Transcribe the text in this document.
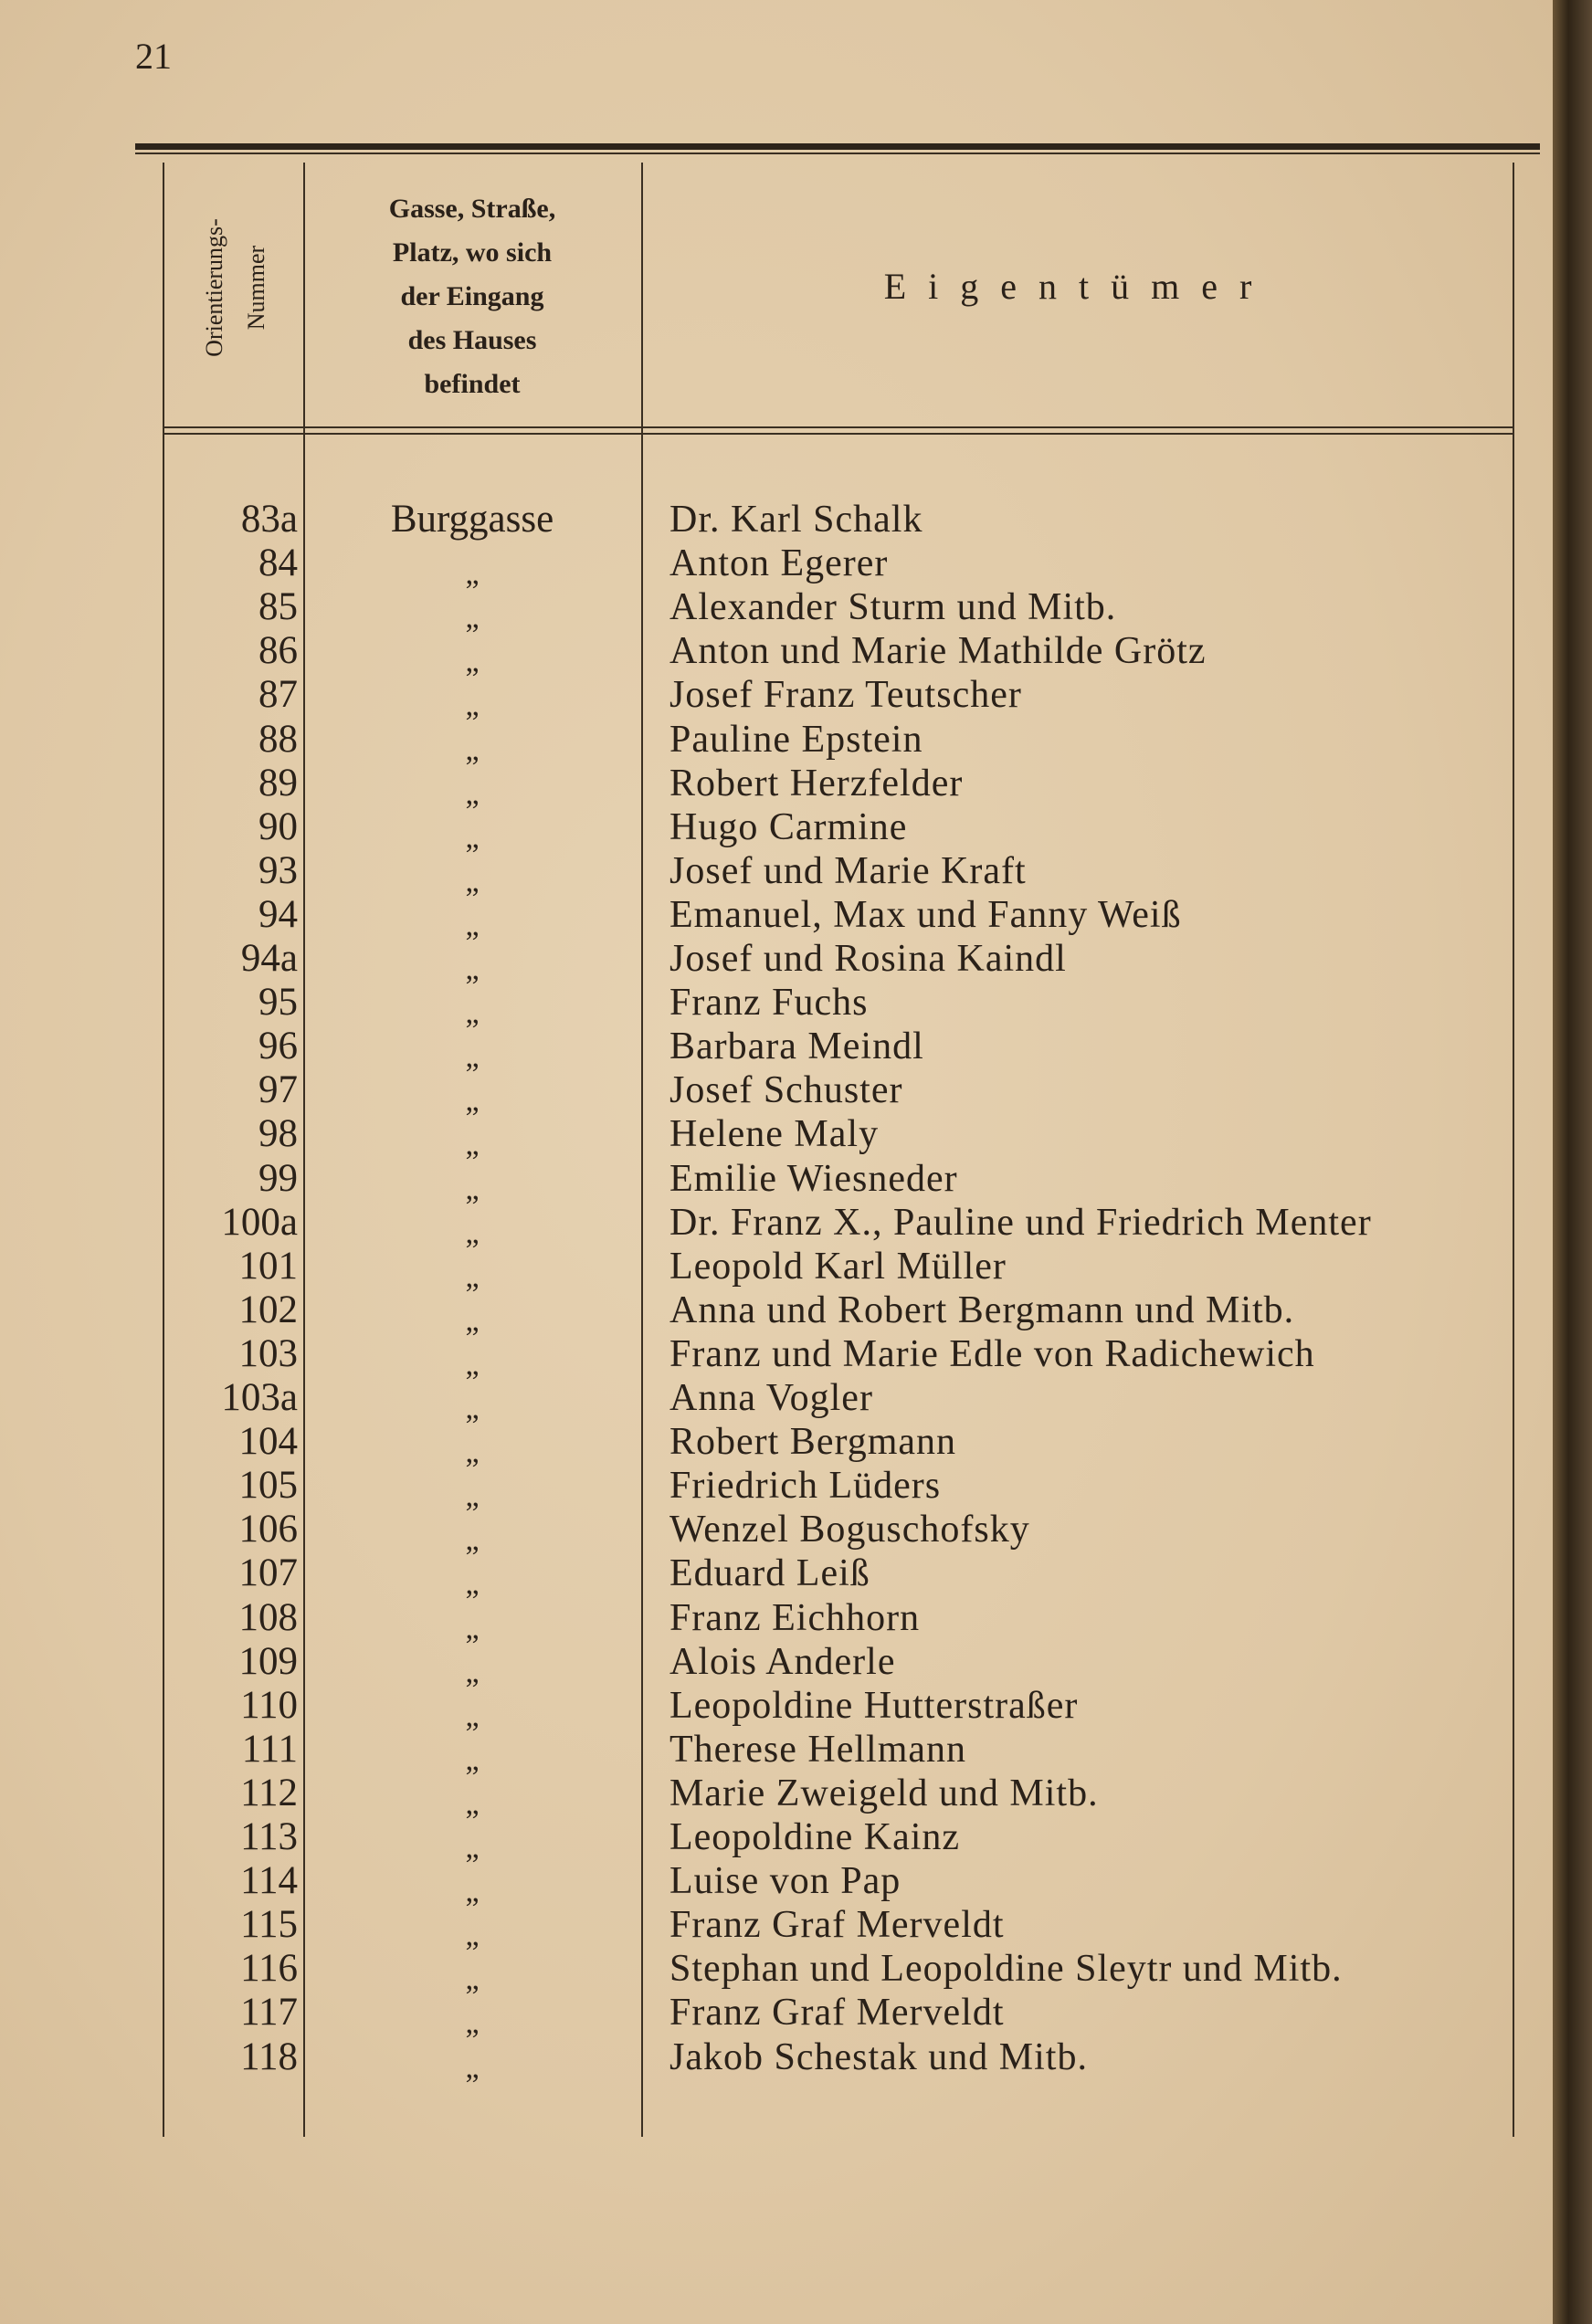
21
Orientierungs- Nummer
Gasse, Straße,
Platz, wo sich
der Eingang
des Hauses
befindet
Eigentümer
83a	Burggasse	Dr. Karl Schalk
84	„	Anton Egerer
85	„	Alexander Sturm und Mitb.
86	„	Anton und Marie Mathilde Grötz
87	„	Josef Franz Teutscher
88	„	Pauline Epstein
89	„	Robert Herzfelder
90	„	Hugo Carmine
93	„	Josef und Marie Kraft
94	„	Emanuel, Max und Fanny Weiß
94a	„	Josef und Rosina Kaindl
95	„	Franz Fuchs
96	„	Barbara Meindl
97	„	Josef Schuster
98	„	Helene Maly
99	„	Emilie Wiesneder
100a	„	Dr. Franz X., Pauline und Friedrich Menter
101	„	Leopold Karl Müller
102	„	Anna und Robert Bergmann und Mitb.
103	„	Franz und Marie Edle von Radichewich
103a	„	Anna Vogler
104	„	Robert Bergmann
105	„	Friedrich Lüders
106	„	Wenzel Boguschofsky
107	„	Eduard Leiß
108	„	Franz Eichhorn
109	„	Alois Anderle
110	„	Leopoldine Hutterstraßer
111	„	Therese Hellmann
112	„	Marie Zweigeld und Mitb.
113	„	Leopoldine Kainz
114	„	Luise von Pap
115	„	Franz Graf Merveldt
116	„	Stephan und Leopoldine Sleytr und Mitb.
117	„	Franz Graf Merveldt
118	„	Jakob Schestak und Mitb.
